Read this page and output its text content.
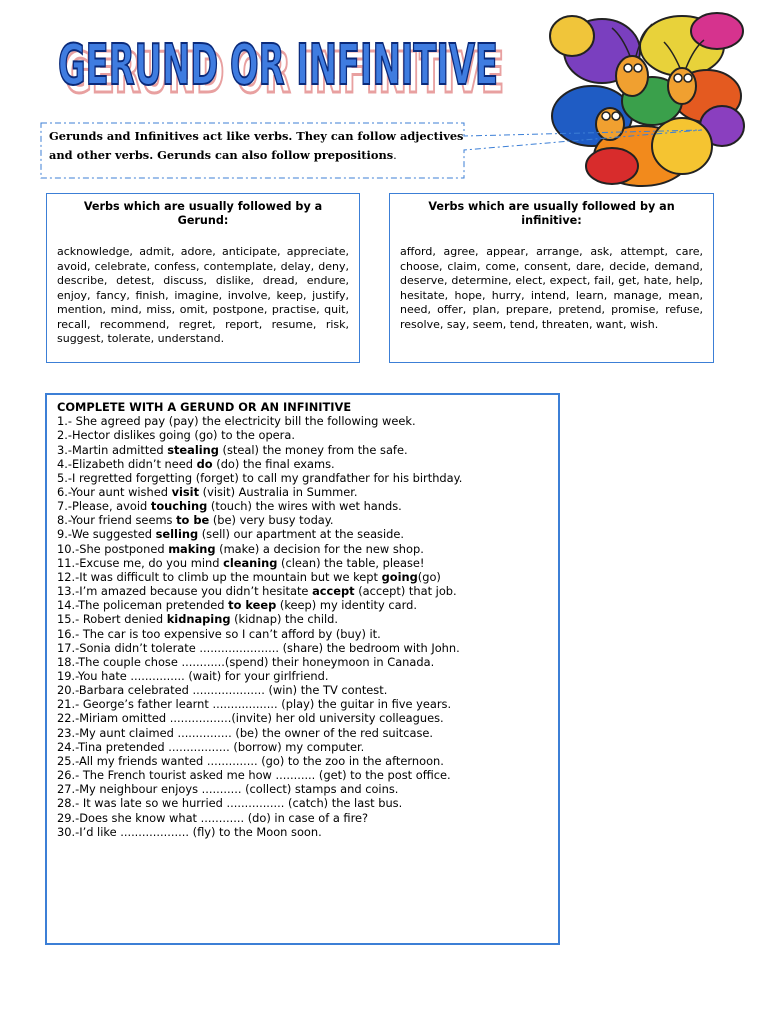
GERUND OR INFINITIVE
GERUND OR INFINITIVE
Gerunds and Infinitives act like verbs. They can follow adjectives and other verbs. Gerunds can also follow prepositions.
Verbs which are usually followed by a Gerund:

acknowledge, admit, adore, anticipate, appreciate, avoid, celebrate, confess, contemplate, delay, deny, describe, detest, discuss, dislike, dread, endure, enjoy, fancy, finish, imagine, involve, keep, justify, mention, mind, miss, omit, postpone, practise, quit, recall, recommend, regret, report, resume, risk, suggest, tolerate, understand.

Verbs which are usually followed by an infinitive:

afford, agree, appear, arrange, ask, attempt, care, choose, claim, come, consent, dare, decide, demand, deserve, determine, elect, expect, fail, get, hate, help, hesitate, hope, hurry, intend, learn, manage, mean, need, offer, plan, prepare, pretend, promise, refuse, resolve, say, seem, tend, threaten, want, wish.

COMPLETE WITH A GERUND OR AN INFINITIVE
1.- She agreed pay (pay) the electricity bill the following week.
2.-Hector dislikes going (go) to the opera.
3.-Martin admitted stealing (steal) the money from the safe.
4.-Elizabeth didn’t need do (do) the final exams.
5.-I regretted forgetting (forget) to call my grandfather for his birthday.
6.-Your aunt wished visit (visit) Australia in Summer.
7.-Please, avoid touching (touch) the wires with wet hands.
8.-Your friend seems to be (be) very busy today.
9.-We suggested selling (sell) our apartment at the seaside.
10.-She postponed making (make) a decision for the new shop.
11.-Excuse me, do you mind cleaning (clean) the table, please!
12.-It was difficult to climb up the mountain but we kept going(go)
13.-I’m amazed because you didn’t hesitate accept (accept) that job.
14.-The policeman pretended to keep (keep) my identity card.
15.- Robert denied kidnaping (kidnap) the child.
16.- The car is too expensive so I can’t afford by (buy) it.
17.-Sonia didn’t tolerate ...................... (share) the bedroom with John.
18.-The couple chose ............(spend) their honeymoon in Canada.
19.-You hate ............... (wait) for your girlfriend.
20.-Barbara celebrated .................... (win) the TV contest.
21.- George’s father learnt .................. (play) the guitar in five years.
22.-Miriam omitted .................(invite) her old university colleagues.
23.-My aunt claimed ............... (be) the owner of the red suitcase.
24.-Tina pretended ................. (borrow) my computer.
25.-All my friends wanted .............. (go) to the zoo in the afternoon.
26.- The French tourist asked me how ........... (get) to the post office.
27.-My neighbour enjoys ........... (collect) stamps and coins.
28.- It was late so we hurried ................ (catch) the last bus.
29.-Does she know what ............ (do) in case of a fire?
30.-I’d like ................... (fly) to the Moon soon.
